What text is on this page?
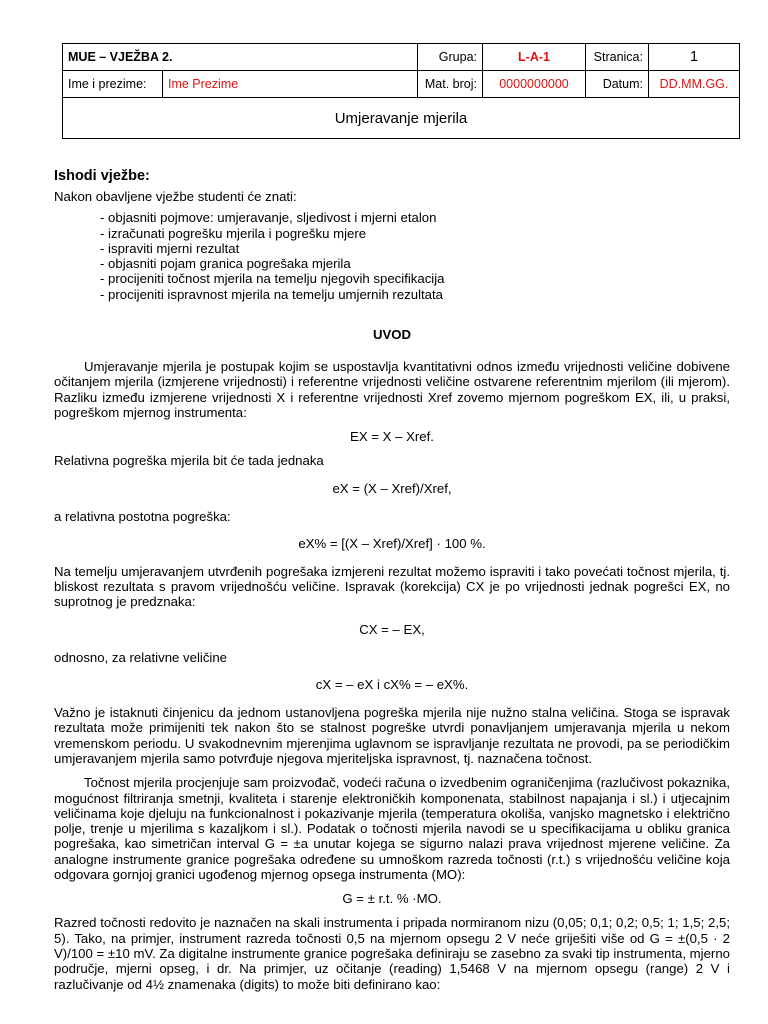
MUE – VJEŽBA 2.		Grupa:	L-A-1	Stranica:	1
Ime i prezime:	Ime Prezime	Mat. broj:	0000000000	Datum:	DD.MM.GG.
Umjeravanje mjerila					
Ishodi vježbe:

Nakon obavljene vježbe studenti će znati:

- objasniti pojmove: umjeravanje, sljedivost i mjerni etalon
- izračunati pogrešku mjerila i pogrešku mjere
- ispraviti mjerni rezultat
- objasniti pojam granica pogrešaka mjerila
- procijeniti točnost mjerila na temelju njegovih specifikacija
- procijeniti ispravnost mjerila na temelju umjernih rezultata
UVOD

Umjeravanje mjerila je postupak kojim se uspostavlja kvantitativni odnos između vrijednosti veličine dobivene očitanjem mjerila (izmjerene vrijednosti) i referentne vrijednosti veličine ostvarene referentnim mjerilom (ili mjerom). Razliku između izmjerene vrijednosti X i referentne vrijednosti Xref zovemo mjernom pogreškom EX, ili, u praksi, pogreškom mjernog instrumenta:

EX = X – Xref.

Relativna pogreška mjerila bit će tada jednaka

eX = (X – Xref)/Xref,

a relativna postotna pogreška:

eX% = [(X – Xref)/Xref] · 100 %.

Na temelju umjeravanjem utvrđenih pogrešaka izmjereni rezultat možemo ispraviti i tako povećati točnost mjerila, tj. bliskost rezultata s pravom vrijednošću veličine. Ispravak (korekcija) CX je po vrijednosti jednak pogrešci EX, no suprotnog je predznaka:

CX = – EX,

odnosno, za relativne veličine

cX = – eX i cX% = – eX%.

Važno je istaknuti činjenicu da jednom ustanovljena pogreška mjerila nije nužno stalna veličina. Stoga se ispravak rezultata može primijeniti tek nakon što se stalnost pogreške utvrdi ponavljanjem umjeravanja mjerila u nekom vremenskom periodu. U svakodnevnim mjerenjima uglavnom se ispravljanje rezultata ne provodi, pa se periodičkim umjeravanjem mjerila samo potvrđuje njegova mjeriteljska ispravnost, tj. naznačena točnost.

Točnost mjerila procjenjuje sam proizvođač, vodeći računa o izvedbenim ograničenjima (razlučivost pokaznika, mogućnost filtriranja smetnji, kvaliteta i starenje elektroničkih komponenata, stabilnost napajanja i sl.) i utjecajnim veličinama koje djeluju na funkcionalnost i pokazivanje mjerila (temperatura okoliša, vanjsko magnetsko i električno polje, trenje u mjerilima s kazaljkom i sl.). Podatak o točnosti mjerila navodi se u specifikacijama u obliku granica pogrešaka, kao simetričan interval G = ±a unutar kojega se sigurno nalazi prava vrijednost mjerene veličine. Za analogne instrumente granice pogrešaka određene su umnoškom razreda točnosti (r.t.) s vrijednošću veličine koja odgovara gornjoj granici ugođenog mjernog opsega instrumenta (MO):

G = ± r.t. % ·MO.

Razred točnosti redovito je naznačen na skali instrumenta i pripada normiranom nizu (0,05; 0,1; 0,2; 0,5; 1; 1,5; 2,5; 5). Tako, na primjer, instrument razreda točnosti 0,5 na mjernom opsegu 2 V neće griješiti više od G = ±(0,5 · 2 V)/100 = ±10 mV. Za digitalne instrumente granice pogrešaka definiraju se zasebno za svaki tip instrumenta, mjerno područje, mjerni opseg, i dr. Na primjer, uz očitanje (reading) 1,5468 V na mjernom opsegu (range) 2 V i razlučivanje od 4½ znamenaka (digits) to može biti definirano kao:
